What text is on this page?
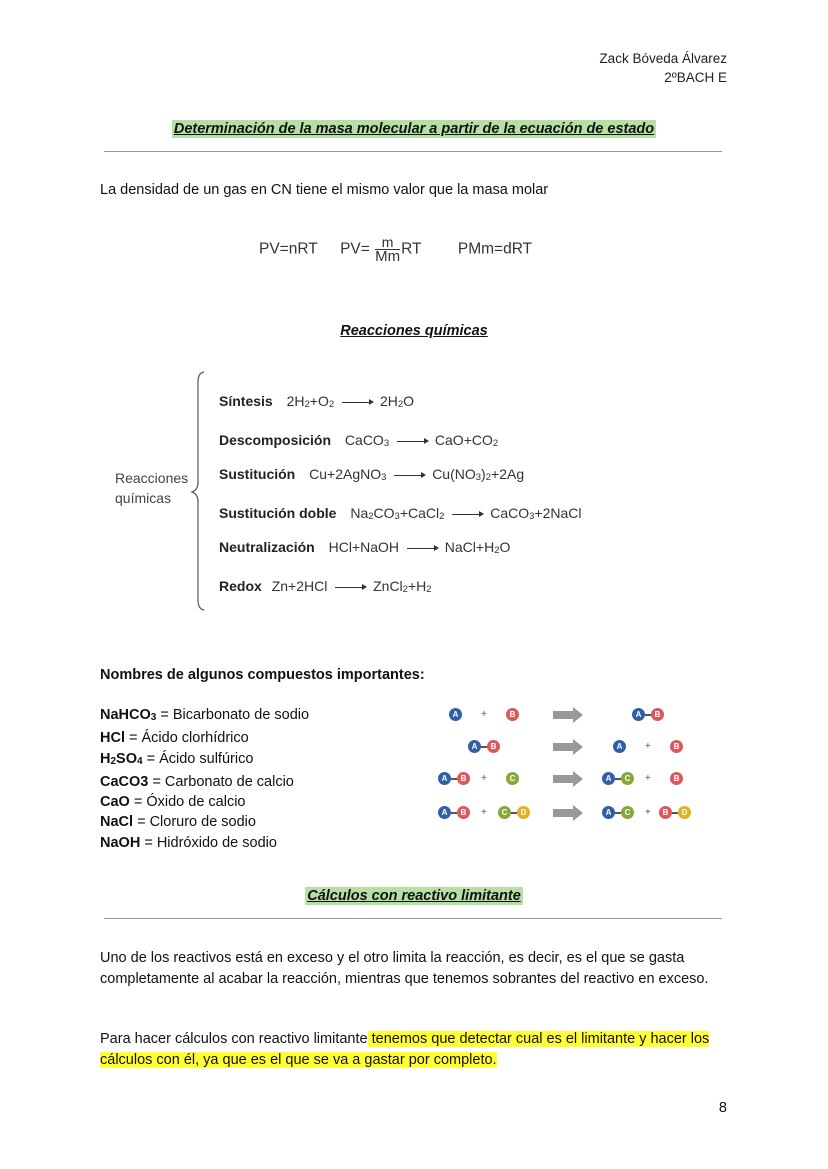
Zack Bóveda Álvarez
2ºBACH E
Determinación de la masa molecular a partir de la ecuación de estado
La densidad de un gas en CN tiene el mismo valor que la masa molar
PV=nRT $PV= \frac{m}{Mm}$ RT PMm=dRT
Reacciones químicas
Reacciones
químicas
Síntesis $2H_2+O_2$	$2H_2O$
Descomposición CaCO$_3$	$CaO+CO_2$
Sustitución Cu+2AgNO$_3$	$Cu(NO_3)_2+2Ag$
Sustitución doble $Na_2CO_3+CaCl_2$	CaCO$_3$+2NaCl
Neutralización HCl+NaOH	$NaCl+H_2O$
Redox Zn+2HCl	$ZnCl_2+H_2$
Nombres de algunos compuestos importantes:
NaHCO$_3$ = Bicarbonato de sodio
HCl = Ácido clorhídrico
$H_2SO_4$ = Ácido sulfúrico
CaCO3 = Carbonato de calcio
CaO = Óxido de calcio
NaCl = Cloruro de sodio
NaOH = Hidróxido de sodio
A	+	B	A	B
A	B	A	+	B
A	B	+	C	A	C	+	B
A	B	+	C	D	A	C	+	B	D
Cálculos con reactivo limitante
Uno de los reactivos está en exceso y el otro limita la reacción, es decir, es el que se gasta completamente al acabar la reacción, mientras que tenemos sobrantes del reactivo en exceso.
Para hacer cálculos con reactivo limitante tenemos que detectar cual es el limitante y hacer los cálculos con él, ya que es el que se va a gastar por completo.
8
